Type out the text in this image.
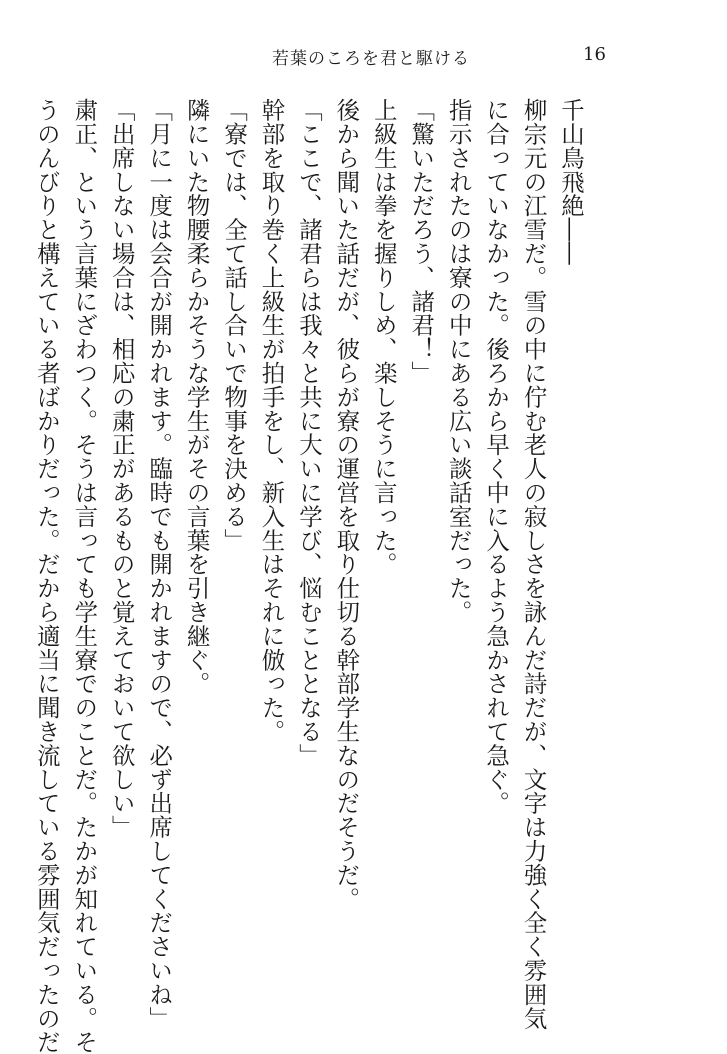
若葉のころを君と駆ける	16
千山鳥飛絶――
柳宗元の江雪だ。雪の中に佇む老人の寂しさを詠んだ詩だが、文字は力強く全く雰囲気
に合っていなかった。後ろから早く中に入るよう急かされて急ぐ。
指示されたのは寮の中にある広い談話室だった。
「驚いただろう、諸君！」
上級生は拳を握りしめ、楽しそうに言った。
後から聞いた話だが、彼らが寮の運営を取り仕切る幹部学生なのだそうだ。
「ここで、諸君らは我々と共に大いに学び、悩むこととなる」
幹部を取り巻く上級生が拍手をし、新入生はそれに倣った。
「寮では、全て話し合いで物事を決める」
隣にいた物腰柔らかそうな学生がその言葉を引き継ぐ。
「月に一度は会合が開かれます。臨時でも開かれますので、必ず出席してくださいね」
「出席しない場合は、相応の粛正があるものと覚えておいて欲しい」
粛正、という言葉にざわつく。そうは言っても学生寮でのことだ。たかが知れている。そ
うのんびりと構えている者ばかりだった。だから適当に聞き流している雰囲気だったのだ
